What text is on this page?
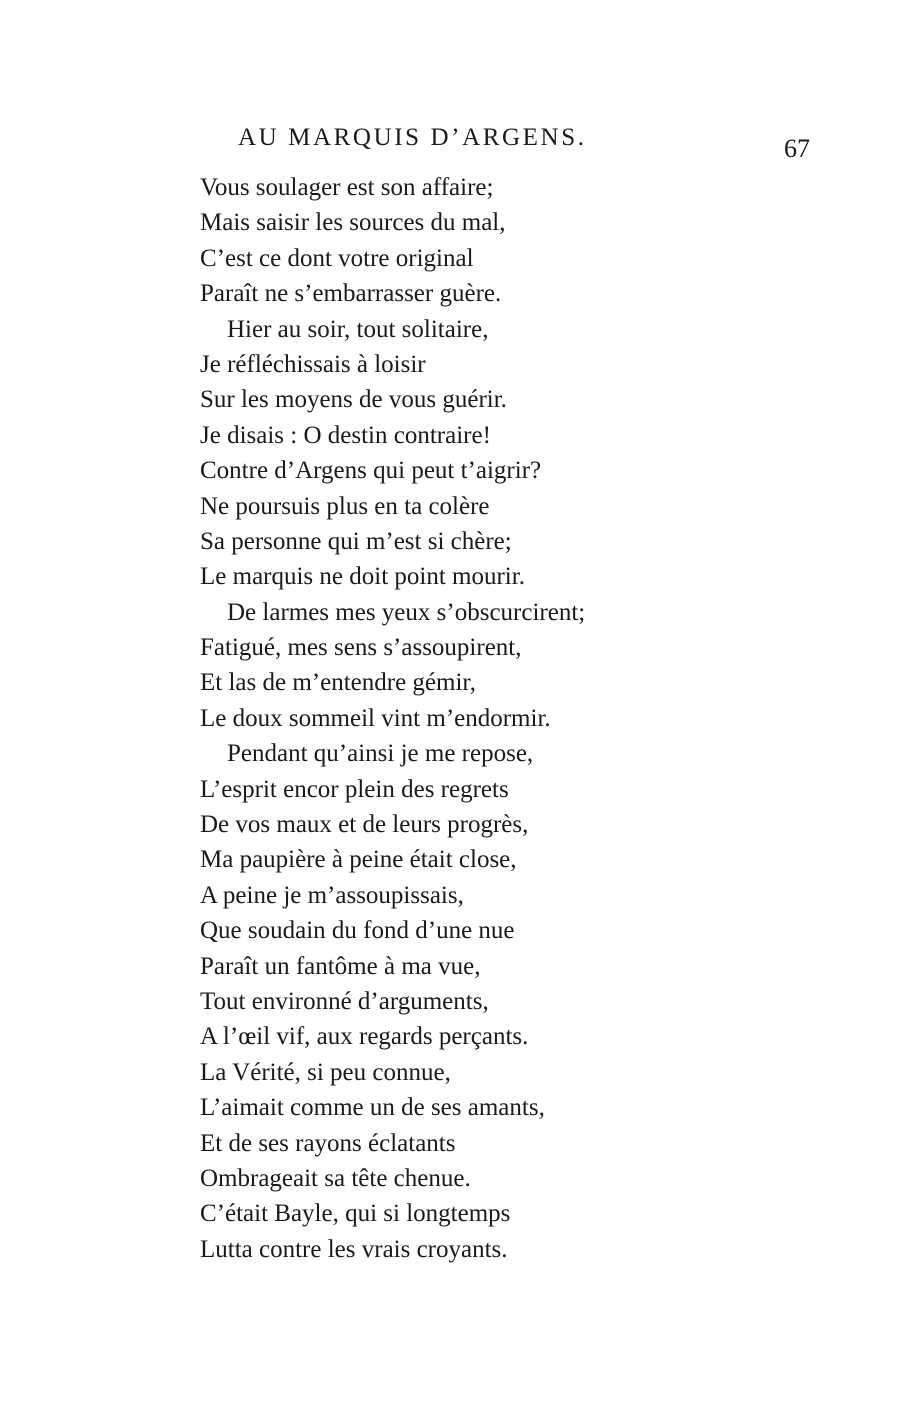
AU MARQUIS D’ARGENS.	67
Vous soulager est son affaire;
Mais saisir les sources du mal,
C’est ce dont votre original
Paraît ne s’embarrasser guère.
Hier au soir, tout solitaire,
Je réfléchissais à loisir
Sur les moyens de vous guérir.
Je disais : O destin contraire!
Contre d’Argens qui peut t’aigrir?
Ne poursuis plus en ta colère
Sa personne qui m’est si chère;
Le marquis ne doit point mourir.
De larmes mes yeux s’obscurcirent;
Fatigué, mes sens s’assoupirent,
Et las de m’entendre gémir,
Le doux sommeil vint m’endormir.
Pendant qu’ainsi je me repose,
L’esprit encor plein des regrets
De vos maux et de leurs progrès,
Ma paupière à peine était close,
A peine je m’assoupissais,
Que soudain du fond d’une nue
Paraît un fantôme à ma vue,
Tout environné d’arguments,
A l’œil vif, aux regards perçants.
La Vérité, si peu connue,
L’aimait comme un de ses amants,
Et de ses rayons éclatants
Ombrageait sa tête chenue.
C’était Bayle, qui si longtemps
Lutta contre les vrais croyants.
